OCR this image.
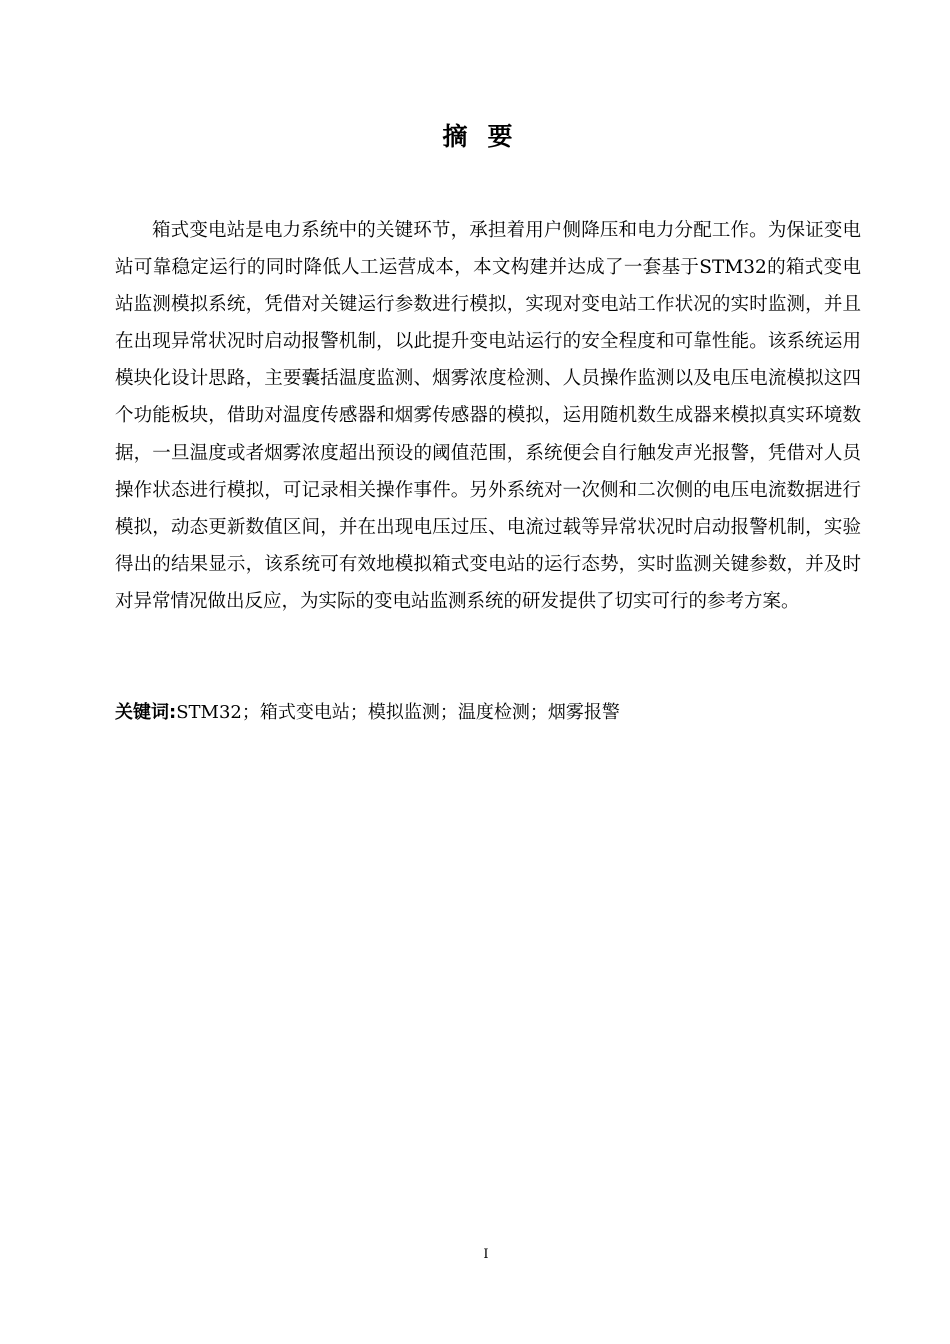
摘要

箱式变电站是电力系统中的关键环节，承担着用户侧降压和电力分配工作。为保证变电站可靠稳定运行的同时降低人工运营成本，本文构建并达成了一套基于STM32的箱式变电站监测模拟系统，凭借对关键运行参数进行模拟，实现对变电站工作状况的实时监测，并且在出现异常状况时启动报警机制，以此提升变电站运行的安全程度和可靠性能。该系统运用模块化设计思路，主要囊括温度监测、烟雾浓度检测、人员操作监测以及电压电流模拟这四个功能板块，借助对温度传感器和烟雾传感器的模拟，运用随机数生成器来模拟真实环境数据，一旦温度或者烟雾浓度超出预设的阈值范围，系统便会自行触发声光报警，凭借对人员操作状态进行模拟，可记录相关操作事件。另外系统对一次侧和二次侧的电压电流数据进行模拟，动态更新数值区间，并在出现电压过压、电流过载等异常状况时启动报警机制，实验得出的结果显示，该系统可有效地模拟箱式变电站的运行态势，实时监测关键参数，并及时对异常情况做出反应，为实际的变电站监测系统的研发提供了切实可行的参考方案。

关键词:STM32；箱式变电站；模拟监测；温度检测；烟雾报警
I
